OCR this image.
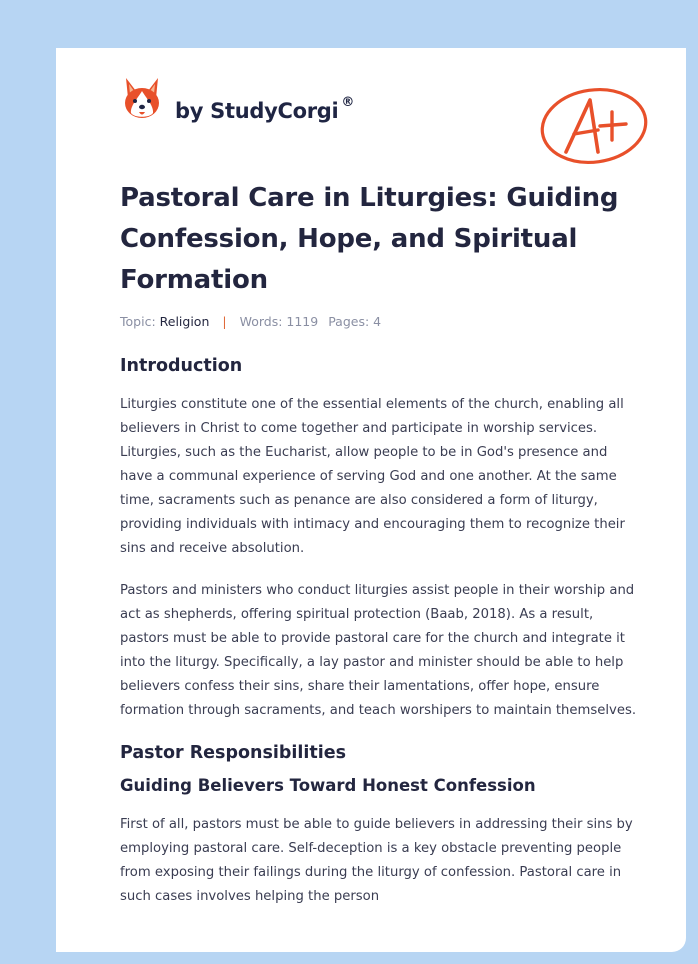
by StudyCorgi ®
A+
Pastoral Care in Liturgies: Guiding Confession, Hope, and Spiritual Formation
Topic: Religion | Words: 1119 Pages: 4
Introduction

Liturgies constitute one of the essential elements of the church, enabling all believers in Christ to come together and participate in worship services. Liturgies, such as the Eucharist, allow people to be in God's presence and have a communal experience of serving God and one another. At the same time, sacraments such as penance are also considered a form of liturgy, providing individuals with intimacy and encouraging them to recognize their sins and receive absolution.

Pastors and ministers who conduct liturgies assist people in their worship and act as shepherds, offering spiritual protection (Baab, 2018). As a result, pastors must be able to provide pastoral care for the church and integrate it into the liturgy. Specifically, a lay pastor and minister should be able to help believers confess their sins, share their lamentations, offer hope, ensure formation through sacraments, and teach worshipers to maintain themselves.

Pastor Responsibilities
Guiding Believers Toward Honest Confession

First of all, pastors must be able to guide believers in addressing their sins by employing pastoral care. Self-deception is a key obstacle preventing people from exposing their failings during the liturgy of confession. Pastoral care in such cases involves helping the person
